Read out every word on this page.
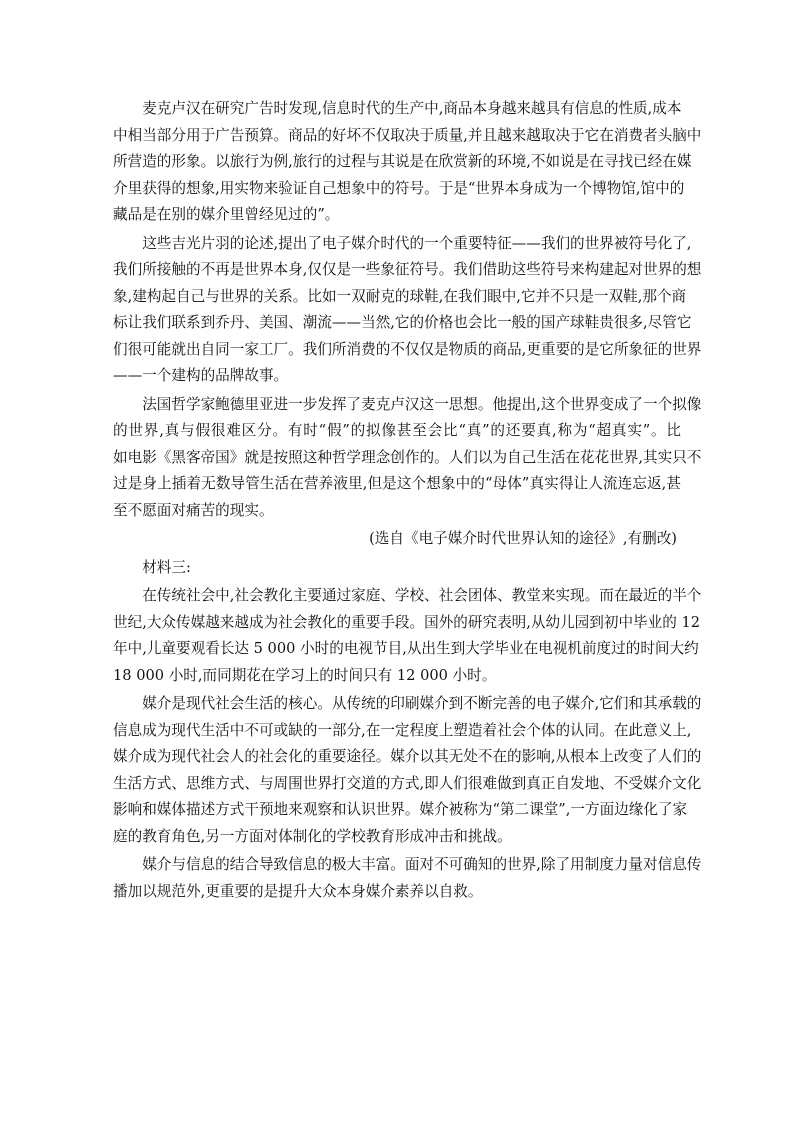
　　麦克卢汉在研究广告时发现,信息时代的生产中,商品本身越来越具有信息的性质,成本
中相当部分用于广告预算。商品的好坏不仅取决于质量,并且越来越取决于它在消费者头脑中
所营造的形象。以旅行为例,旅行的过程与其说是在欣赏新的环境,不如说是在寻找已经在媒
介里获得的想象,用实物来验证自己想象中的符号。于是“世界本身成为一个博物馆,馆中的
藏品是在别的媒介里曾经见过的”。
　　这些吉光片羽的论述,提出了电子媒介时代的一个重要特征——我们的世界被符号化了,
我们所接触的不再是世界本身,仅仅是一些象征符号。我们借助这些符号来构建起对世界的想
象,建构起自己与世界的关系。比如一双耐克的球鞋,在我们眼中,它并不只是一双鞋,那个商
标让我们联系到乔丹、美国、潮流——当然,它的价格也会比一般的国产球鞋贵很多,尽管它
们很可能就出自同一家工厂。我们所消费的不仅仅是物质的商品,更重要的是它所象征的世界
——一个建构的品牌故事。
　　法国哲学家鲍德里亚进一步发挥了麦克卢汉这一思想。他提出,这个世界变成了一个拟像
的世界,真与假很难区分。有时“假”的拟像甚至会比“真”的还要真,称为“超真实”。比
如电影《黑客帝国》就是按照这种哲学理念创作的。人们以为自己生活在花花世界,其实只不
过是身上插着无数导管生活在营养液里,但是这个想象中的“母体”真实得让人流连忘返,甚
至不愿面对痛苦的现实。
(选自《电子媒介时代世界认知的途径》,有删改)
　　材料三:
　　在传统社会中,社会教化主要通过家庭、学校、社会团体、教堂来实现。而在最近的半个
世纪,大众传媒越来越成为社会教化的重要手段。国外的研究表明,从幼儿园到初中毕业的 12
年中,儿童要观看长达 5 000 小时的电视节目,从出生到大学毕业在电视机前度过的时间大约
18 000 小时,而同期花在学习上的时间只有 12 000 小时。
　　媒介是现代社会生活的核心。从传统的印刷媒介到不断完善的电子媒介,它们和其承载的
信息成为现代生活中不可或缺的一部分,在一定程度上塑造着社会个体的认同。在此意义上,
媒介成为现代社会人的社会化的重要途径。媒介以其无处不在的影响,从根本上改变了人们的
生活方式、思维方式、与周围世界打交道的方式,即人们很难做到真正自发地、不受媒介文化
影响和媒体描述方式干预地来观察和认识世界。媒介被称为“第二课堂”,一方面边缘化了家
庭的教育角色,另一方面对体制化的学校教育形成冲击和挑战。
　　媒介与信息的结合导致信息的极大丰富。面对不可确知的世界,除了用制度力量对信息传
播加以规范外,更重要的是提升大众本身媒介素养以自救。
